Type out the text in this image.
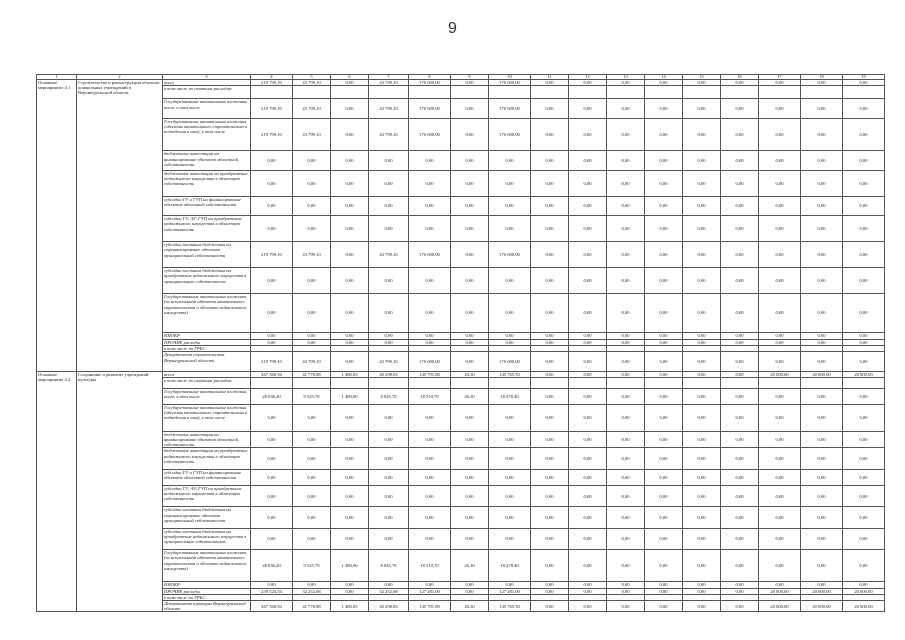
9
1	2	3	4	5	6	7	8	9	10	11	12	13	14	15	16	17	18	19
Основное мероприятие 4.1	Строительство и реконструкция объектов дошкольных учреждений в Верхнеуральской области	всего	219 799,10	43 799,10	0,00	43 799,10	176 000,00	0,00	176 000,00	0,00	0,00	0,00	0,00	0,00	0,00	0,00	0,00	0,00
		в том числе по статьям расходов:																
		Государственные капитальные вложения, всего, в том числе	219 799,10	43 799,10	0,00	43 799,10	176 000,00	0,00	176 000,00	0,00	0,00	0,00	0,00	0,00	0,00	0,00	0,00	0,00
		Государственные капитальные вложения (объекты капитального строительства и подведения к ним), в том числе	219 799,10	43 799,10	0,00	43 799,10	176 000,00	0,00	176 000,00	0,00	0,00	0,00	0,00	0,00	0,00	0,00	0,00	0,00
		бюджетные инвестиции на финансирование объектов областной собственности	0,00	0,00	0,00	0,00	0,00	0,00	0,00	0,00	0,00	0,00	0,00	0,00	0,00	0,00	0,00	0,00
		бюджетные инвестиции на приобретение недвижимого имущества в областную собственность	0,00	0,00	0,00	0,00	0,00	0,00	0,00	0,00	0,00	0,00	0,00	0,00	0,00	0,00	0,00	0,00
		субсидии ГУ и ГУП на финансирование объектов областной собственности	0,00	0,00	0,00	0,00	0,00	0,00	0,00	0,00	0,00	0,00	0,00	0,00	0,00	0,00	0,00	0,00
		субсидии ГУ, АУ, ГУП на приобретение недвижимого имущества в областную собственность	0,00	0,00	0,00	0,00	0,00	0,00	0,00	0,00	0,00	0,00	0,00	0,00	0,00	0,00	0,00	0,00
		субсидии местным бюджетам на софинансирование объектов муниципальной собственности	219 799,10	43 799,10	0,00	43 799,10	176 000,00	0,00	176 000,00	0,00	0,00	0,00	0,00	0,00	0,00	0,00	0,00	0,00
		субсидии местным бюджетам на приобретение недвижимого имущества в муниципальную собственность	0,00	0,00	0,00	0,00	0,00	0,00	0,00	0,00	0,00	0,00	0,00	0,00	0,00	0,00	0,00	0,00
		Государственные капитальные вложения (за исключением объектов капитального строительства и объектов недвижимого имущества)	0,00	0,00	0,00	0,00	0,00	0,00	0,00	0,00	0,00	0,00	0,00	0,00	0,00	0,00	0,00	0,00
		НИОКР	0,00	0,00	0,00	0,00	0,00	0,00	0,00	0,00	0,00	0,00	0,00	0,00	0,00	0,00	0,00	0,00
		ПРОЧИЕ расходы	0,00	0,00	0,00	0,00	0,00	0,00	0,00	0,00	0,00	0,00	0,00	0,00	0,00	0,00	0,00	0,00
		в том числе по ГРБС:																
		Департамент строительства Верхнеуральской области	219 799,10	43 799,10	0,00	43 799,10	176 000,00	0,00	176 000,00	0,00	0,00	0,00	0,00	0,00	0,00	0,00	0,00	0,00
Основное мероприятие 4.2	Сохранение и развитие учреждений культуры	всего	267 560,94	41 778,88	1 480,05	40 298,83	145 791,80	26,30	145 765,50	0,00	0,00	0,00	0,00	0,00	0,00	20 000,00	20 000,00	20 000,00
		в том числе по статьям расходов:																
		Государственные капитальные вложения, всего, в том числе	28 036,40	9 525,70	1 480,00	8 045,70	18 510,70	26,30	18 478,40	0,00	0,00	0,00	0,00	0,00	0,00	0,00	0,00	0,00
		Государственные капитальные вложения (объекты капитального строительства и подведения к ним), в том числе	0,00	0,00	0,00	0,00	0,00	0,00	0,00	0,00	0,00	0,00	0,00	0,00	0,00	0,00	0,00	0,00
		бюджетные инвестиции на финансирование объектов областной собственности	0,00	0,00	0,00	0,00	0,00	0,00	0,00	0,00	0,00	0,00	0,00	0,00	0,00	0,00	0,00	0,00
		бюджетные инвестиции на приобретение недвижимого имущества в областную собственность	0,00	0,00	0,00	0,00	0,00	0,00	0,00	0,00	0,00	0,00	0,00	0,00	0,00	0,00	0,00	0,00
		субсидии ГУ и ГУП на финансирование объектов областной собственности	0,00	0,00	0,00	0,00	0,00	0,00	0,00	0,00	0,00	0,00	0,00	0,00	0,00	0,00	0,00	0,00
		субсидии ГУ, АУ, ГУП на приобретение недвижимого имущества в областную собственность	0,00	0,00	0,00	0,00	0,00	0,00	0,00	0,00	0,00	0,00	0,00	0,00	0,00	0,00	0,00	0,00
		субсидии местным бюджетам на софинансирование объектов муниципальной собственности	0,00	0,00	0,00	0,00	0,00	0,00	0,00	0,00	0,00	0,00	0,00	0,00	0,00	0,00	0,00	0,00
		субсидии местным бюджетам на приобретение недвижимого имущества в муниципальную собственность	0,00	0,00	0,00	0,00	0,00	0,00	0,00	0,00	0,00	0,00	0,00	0,00	0,00	0,00	0,00	0,00
		Государственные капитальные вложения (за исключением объектов капитального строительства и объектов недвижимого имущества)	28 036,40	9 525,70	1 480,00	8 045,70	18 510,70	26,30	18 478,40	0,00	0,00	0,00	0,00	0,00	0,00	0,00	0,00	0,00
		НИОКР	0,00	0,00	0,00	0,00	0,00	0,00	0,00	0,00	0,00	0,00	0,00	0,00	0,00	0,00	0,00	0,00
		ПРОЧИЕ расходы	239 524,54	32 252,68	0,00	32 252,68	127 281,00	0,00	127 281,00	0,00	0,00	0,00	0,00	0,00	0,00	20 000,00	20 000,00	20 000,00
		в том числе по ГРБС:																
		Департамент культуры Верхнеуральской области	267 560,94	41 778,88	1 480,05	40 298,83	145 791,80	26,30	145 765,50	0,00	0,00	0,00	0,00	0,00	0,00	20 000,00	20 000,00	20 000,00
